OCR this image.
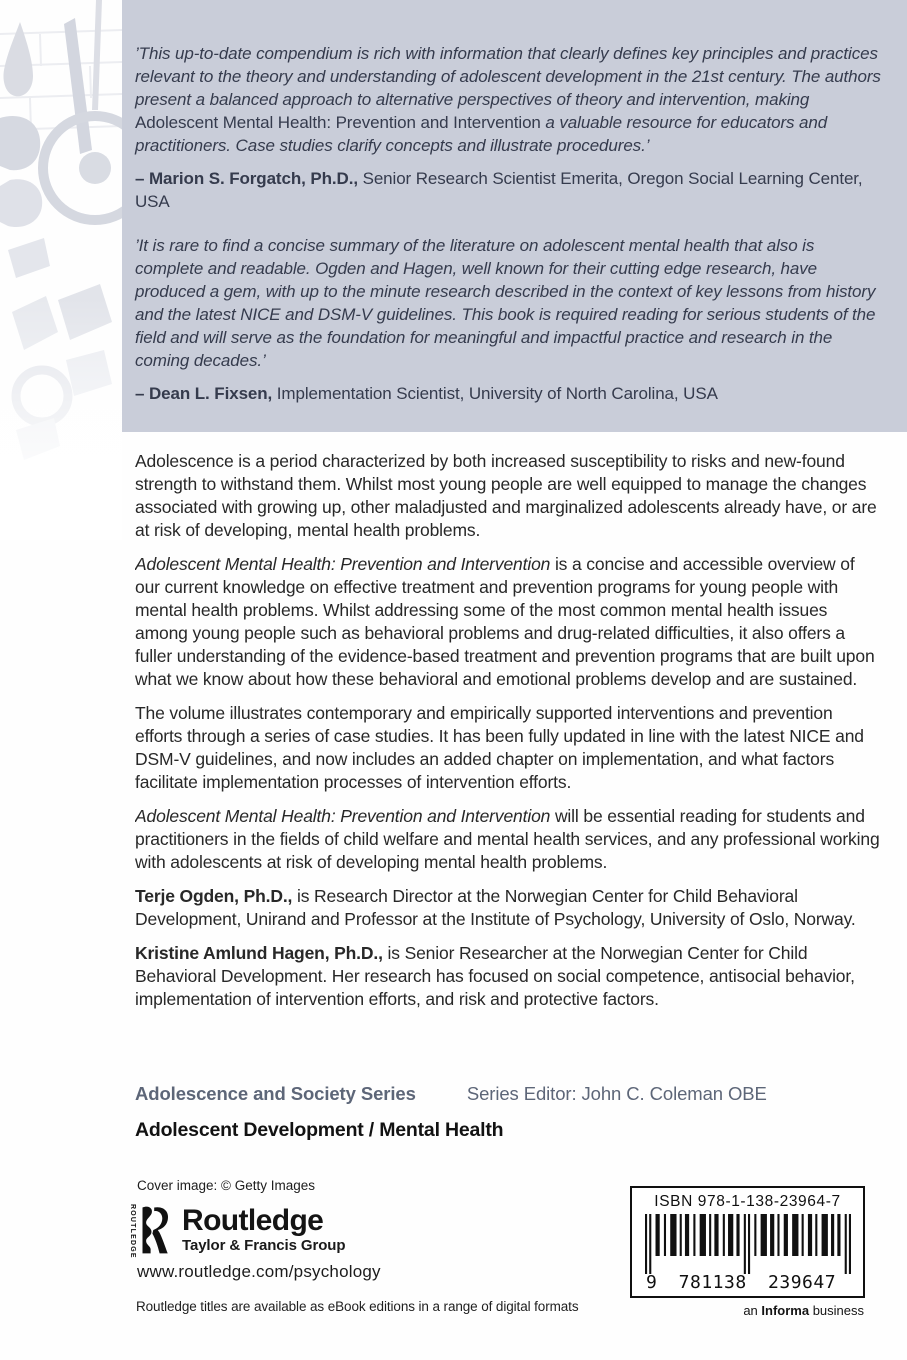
’This up-to-date compendium is rich with information that clearly defines key principles and practices relevant to the theory and understanding of adolescent development in the 21st century. The authors present a balanced approach to alternative perspectives of theory and intervention, making Adolescent Mental Health: Prevention and Intervention a valuable resource for educators and practitioners. Case studies clarify concepts and illustrate procedures.’

– Marion S. Forgatch, Ph.D., Senior Research Scientist Emerita, Oregon Social Learning Center, USA

’It is rare to find a concise summary of the literature on adolescent mental health that also is complete and readable. Ogden and Hagen, well known for their cutting edge research, have produced a gem, with up to the minute research described in the context of key lessons from history and the latest NICE and DSM-V guidelines. This book is required reading for serious students of the field and will serve as the foundation for meaningful and impactful practice and research in the coming decades.’

– Dean L. Fixsen, Implementation Scientist, University of North Carolina, USA

Adolescence is a period characterized by both increased susceptibility to risks and new-found strength to withstand them. Whilst most young people are well equipped to manage the changes associated with growing up, other maladjusted and marginalized adolescents already have, or are at risk of developing, mental health problems.

Adolescent Mental Health: Prevention and Intervention is a concise and accessible overview of our current knowledge on effective treatment and prevention programs for young people with mental health problems. Whilst addressing some of the most common mental health issues among young people such as behavioral problems and drug-related difficulties, it also offers a fuller understanding of the evidence-based treatment and prevention programs that are built upon what we know about how these behavioral and emotional problems develop and are sustained.

The volume illustrates contemporary and empirically supported interventions and prevention efforts through a series of case studies. It has been fully updated in line with the latest NICE and DSM-V guidelines, and now includes an added chapter on implementation, and what factors facilitate implementation processes of intervention efforts.

Adolescent Mental Health: Prevention and Intervention will be essential reading for students and practitioners in the fields of child welfare and mental health services, and any professional working with adolescents at risk of developing mental health problems.

Terje Ogden, Ph.D., is Research Director at the Norwegian Center for Child Behavioral Development, Unirand and Professor at the Institute of Psychology, University of Oslo, Norway.

Kristine Amlund Hagen, Ph.D., is Senior Researcher at the Norwegian Center for Child Behavioral Development. Her research has focused on social competence, antisocial behavior, implementation of intervention efforts, and risk and protective factors.

Adolescence and Society Series	Series Editor: John C. Coleman OBE
Adolescent Development / Mental Health
Cover image: © Getty Images
ROUTLEDGE Routledge
Taylor & Francis Group
www.routledge.com/psychology
Routledge titles are available as eBook editions in a range of digital formats
ISBN 978-1-138-23964-7
9 781138 239647
an Informa business
